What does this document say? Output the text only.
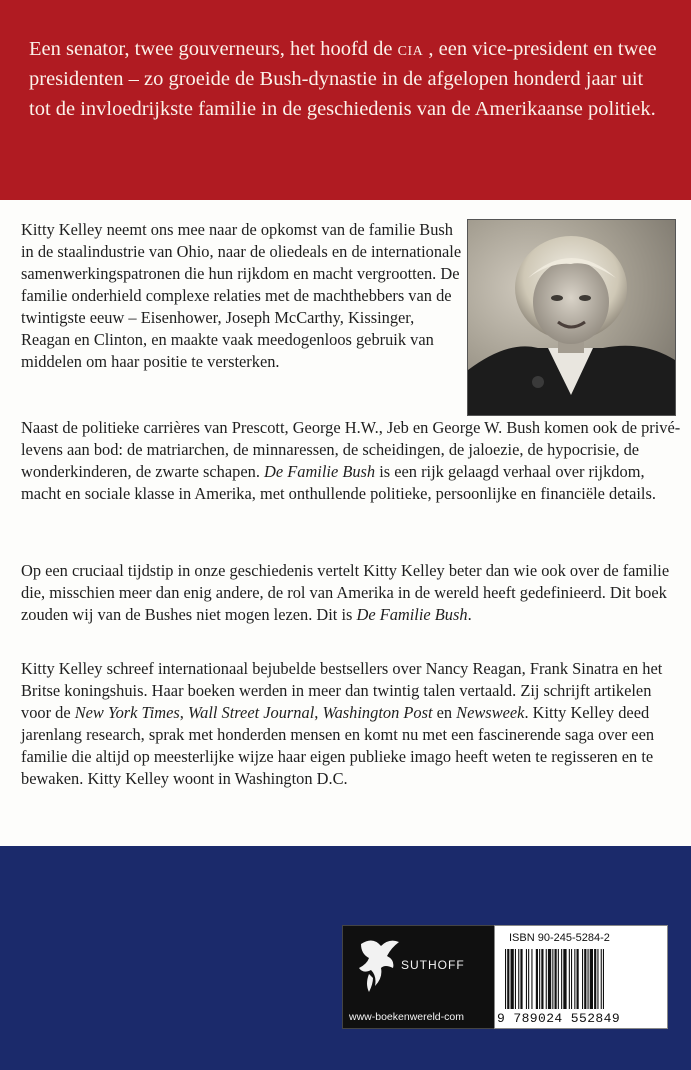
Een senator, twee gouverneurs, het hoofd de cia , een vice-president en twee presidenten – zo groeide de Bush-dynastie in de afgelopen honderd jaar uit tot de invloedrijkste familie in de geschiedenis van de Amerikaanse politiek.

Kitty Kelley neemt ons mee naar de opkomst van de familie Bush in de staalindustrie van Ohio, naar de oliedeals en de internationale samenwerkingspatronen die hun rijkdom en macht vergrootten. De familie onderhield complexe relaties met de machthebbers van de twintigste eeuw – Eisenhower, Joseph McCarthy, Kissinger, Reagan en Clinton, en maakte vaak meedogenloos gebruik van middelen om haar positie te versterken.

Naast de politieke carrières van Prescott, George H.W., Jeb en George W. Bush komen ook de privé-levens aan bod: de matriarchen, de minnaressen, de scheidingen, de jaloezie, de hypocrisie, de wonderkinderen, de zwarte schapen. De Familie Bush is een rijk gelaagd verhaal over rijkdom, macht en sociale klasse in Amerika, met onthullende politieke, persoonlijke en financiële details.

Op een cruciaal tijdstip in onze geschiedenis vertelt Kitty Kelley beter dan wie ook over de familie die, misschien meer dan enig andere, de rol van Amerika in de wereld heeft gedefinieerd. Dit boek zouden wij van de Bushes niet mogen lezen. Dit is De Familie Bush.

Kitty Kelley schreef internationaal bejubelde bestsellers over Nancy Reagan, Frank Sinatra en het Britse koningshuis. Haar boeken werden in meer dan twintig talen vertaald. Zij schrijft artikelen voor de New York Times, Wall Street Journal, Washington Post en Newsweek. Kitty Kelley deed jarenlang research, sprak met honderden mensen en komt nu met een fascinerende saga over een familie die altijd op meesterlijke wijze haar eigen publieke imago heeft weten te regisseren en te bewaken. Kitty Kelley woont in Washington D.C.

SUTHOFF
www-boekenwereld-com
ISBN 90-245-5284-2
9 789024 552849
